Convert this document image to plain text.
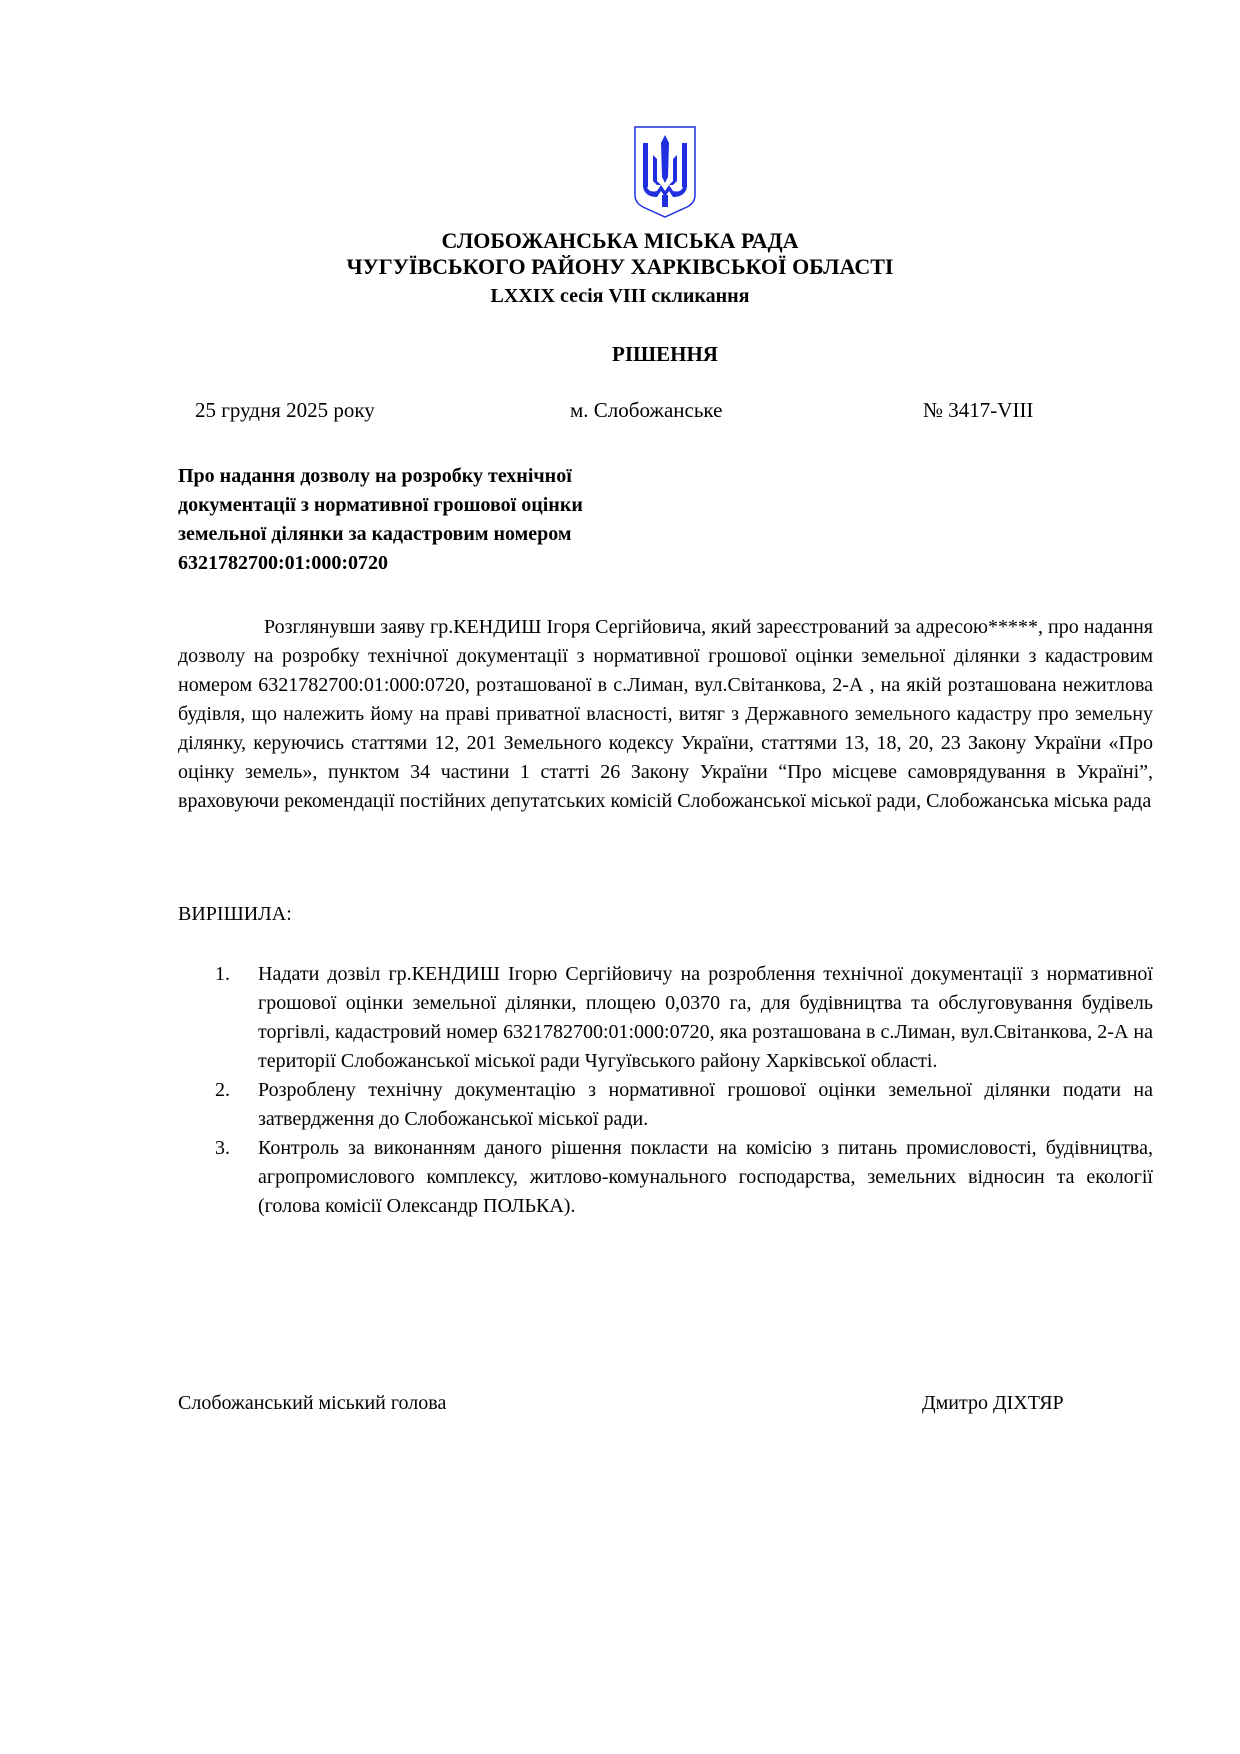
СЛОБОЖАНСЬКА МІСЬКА РАДА
ЧУГУЇВСЬКОГО РАЙОНУ ХАРКІВСЬКОЇ ОБЛАСТІ
LXXIX сесія VIII скликання
РІШЕННЯ
25 грудня 2025 року	м. Слобожанське	№ 3417-VIII
Про надання дозволу на розробку технічної
документації з нормативної грошової оцінки
земельної ділянки за кадастровим номером
6321782700:01:000:0720
Розглянувши заяву гр.КЕНДИШ Ігоря Сергійовича, який зареєстрований за адресою*****, про надання дозволу на розробку технічної документації з нормативної грошової оцінки земельної ділянки з кадастровим номером 6321782700:01:000:0720, розташованої в с.Лиман, вул.Світанкова, 2-А , на якій розташована нежитлова будівля, що належить йому на праві приватної власності, витяг з Державного земельного кадастру про земельну ділянку, керуючись статтями 12, 201 Земельного кодексу України, статтями 13, 18, 20, 23 Закону України «Про оцінку земель», пунктом 34 частини 1 статті 26 Закону України “Про місцеве самоврядування в Україні”, враховуючи рекомендації постійних депутатських комісій Слобожанської міської ради, Слобожанська міська рада
ВИРІШИЛА:
1. Надати дозвіл гр.КЕНДИШ Ігорю Сергійовичу на розроблення технічної документації з нормативної грошової оцінки земельної ділянки, площею 0,0370 га, для будівництва та обслуговування будівель торгівлі, кадастровий номер 6321782700:01:000:0720, яка розташована в с.Лиман, вул.Світанкова, 2-А на території Слобожанської міської ради Чугуївського району Харківської області.
2. Розроблену технічну документацію з нормативної грошової оцінки земельної ділянки подати на затвердження до Слобожанської міської ради.
3. Контроль за виконанням даного рішення покласти на комісію з питань промисловості, будівництва, агропромислового комплексу, житлово-комунального господарства, земельних відносин та екології (голова комісії Олександр ПОЛЬКА).
Слобожанський міський голова	Дмитро ДІХТЯР
